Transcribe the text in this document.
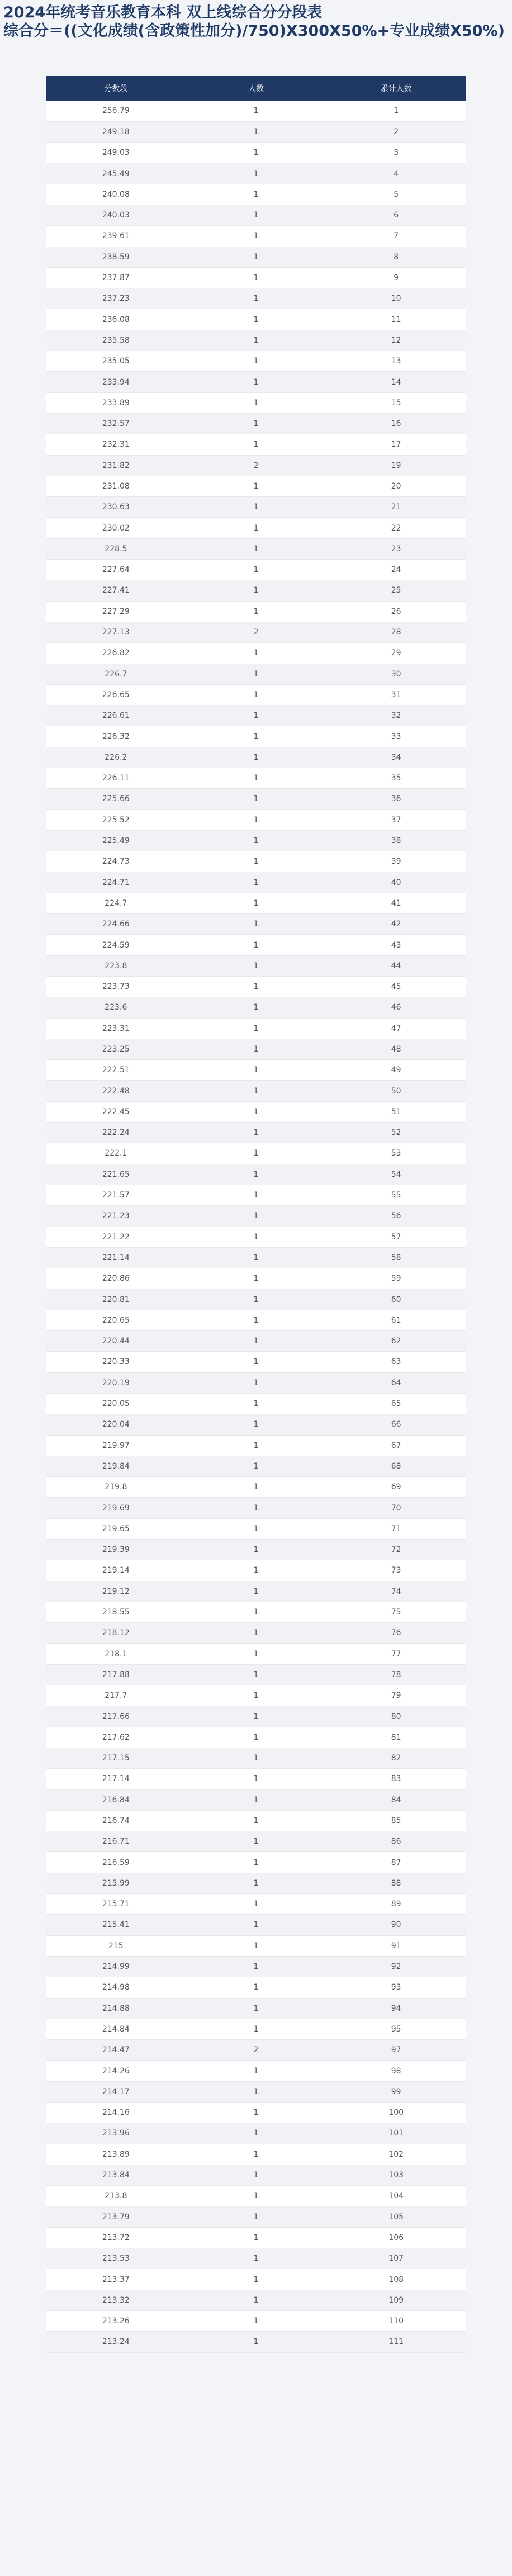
2024年统考音乐教育本科 双上线综合分分段表
综合分＝((文化成绩(含政策性加分)/750)X300X50%+专业成绩X50%)
分数段	人数	累计人数
256.79	1	1
249.18	1	2
249.03	1	3
245.49	1	4
240.08	1	5
240.03	1	6
239.61	1	7
238.59	1	8
237.87	1	9
237.23	1	10
236.08	1	11
235.58	1	12
235.05	1	13
233.94	1	14
233.89	1	15
232.57	1	16
232.31	1	17
231.82	2	19
231.08	1	20
230.63	1	21
230.02	1	22
228.5	1	23
227.64	1	24
227.41	1	25
227.29	1	26
227.13	2	28
226.82	1	29
226.7	1	30
226.65	1	31
226.61	1	32
226.32	1	33
226.2	1	34
226.11	1	35
225.66	1	36
225.52	1	37
225.49	1	38
224.73	1	39
224.71	1	40
224.7	1	41
224.66	1	42
224.59	1	43
223.8	1	44
223.73	1	45
223.6	1	46
223.31	1	47
223.25	1	48
222.51	1	49
222.48	1	50
222.45	1	51
222.24	1	52
222.1	1	53
221.65	1	54
221.57	1	55
221.23	1	56
221.22	1	57
221.14	1	58
220.86	1	59
220.81	1	60
220.65	1	61
220.44	1	62
220.33	1	63
220.19	1	64
220.05	1	65
220.04	1	66
219.97	1	67
219.84	1	68
219.8	1	69
219.69	1	70
219.65	1	71
219.39	1	72
219.14	1	73
219.12	1	74
218.55	1	75
218.12	1	76
218.1	1	77
217.88	1	78
217.7	1	79
217.66	1	80
217.62	1	81
217.15	1	82
217.14	1	83
216.84	1	84
216.74	1	85
216.71	1	86
216.59	1	87
215.99	1	88
215.71	1	89
215.41	1	90
215	1	91
214.99	1	92
214.98	1	93
214.88	1	94
214.84	1	95
214.47	2	97
214.26	1	98
214.17	1	99
214.16	1	100
213.96	1	101
213.89	1	102
213.84	1	103
213.8	1	104
213.79	1	105
213.72	1	106
213.53	1	107
213.37	1	108
213.32	1	109
213.26	1	110
213.24	1	111
